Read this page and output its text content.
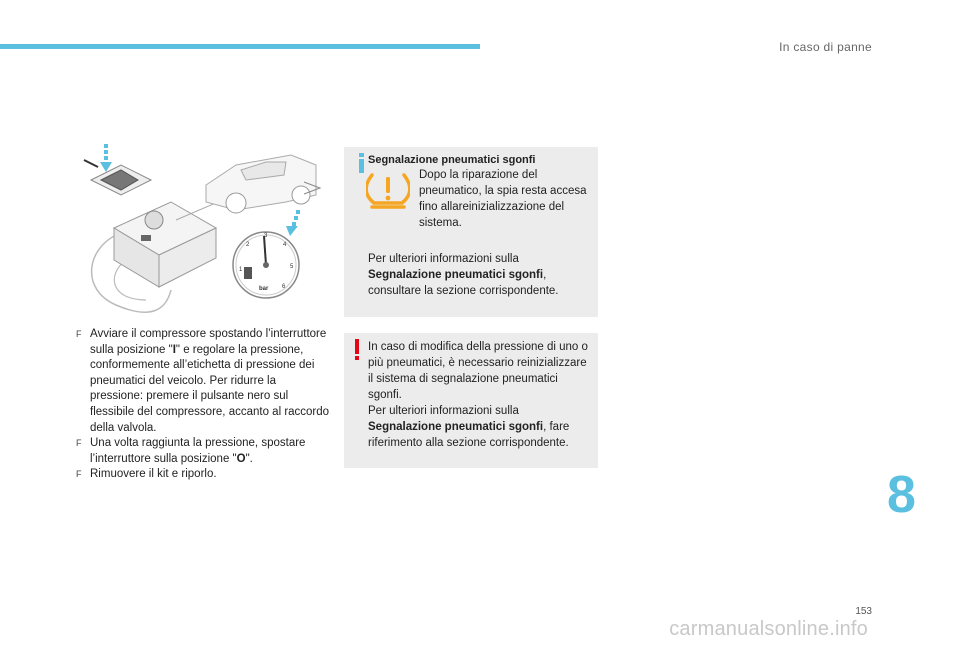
In caso di panne
1
2
3
4
5
6
bar

F Avviare il compressore spostando l’interruttore sulla posizione "I" e regolare la pressione, conformemente all’etichetta di pressione dei pneumatici del veicolo. Per ridurre la pressione: premere il pulsante nero sul flessibile del compressore, accanto al raccordo della valvola.

F Una volta raggiunta la pressione, spostare l’interruttore sulla posizione "O".

F Rimuovere il kit e riporlo.

Segnalazione pneumatici sgonfi
Dopo la riparazione del pneumatico, la spia resta accesa fino allareinizializzazione del sistema.
Per ulteriori informazioni sulla Segnalazione pneumatici sgonfi, consultare la sezione corrispondente.
In caso di modifica della pressione di uno o più pneumatici, è necessario reinizializzare il sistema di segnalazione pneumatici sgonfi.
Per ulteriori informazioni sulla Segnalazione pneumatici sgonfi, fare riferimento alla sezione corrispondente.
8
153
carmanualsonline.info
